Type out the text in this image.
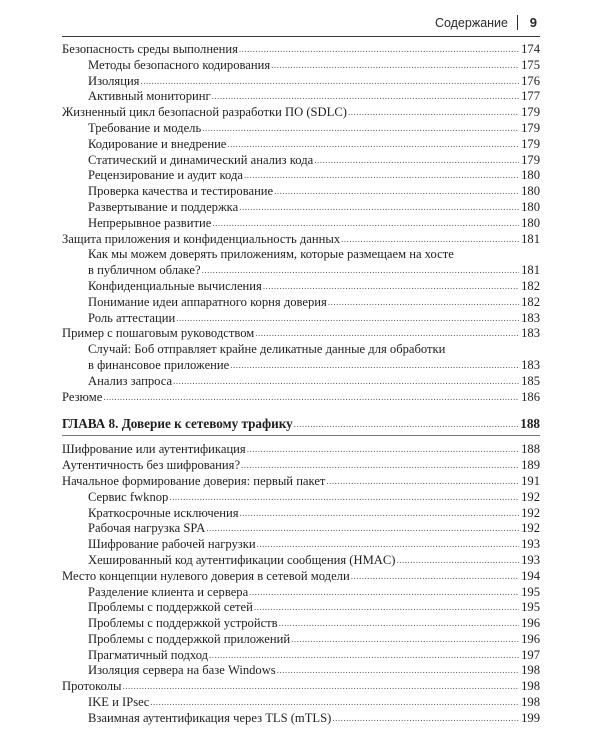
Содержание 9
Безопасность среды выполнения .....	174
Методы безопасного кодирования .....	175
Изоляция .....	176
Активный мониторинг .....	177
Жизненный цикл безопасной разработки ПО (SDLC) .....	179
Требование и модель .....	179
Кодирование и внедрение .....	179
Статический и динамический анализ кода .....	179
Рецензирование и аудит кода .....	180
Проверка качества и тестирование .....	180
Развертывание и поддержка .....	180
Непрерывное развитие .....	180
Защита приложения и конфиденциальность данных .....	181
Как мы можем доверять приложениям, которые размещаем на хосте
в публичном облаке? .....	181
Конфиденциальные вычисления .....	182
Понимание идеи аппаратного корня доверия .....	182
Роль аттестации .....	183
Пример с пошаговым руководством .....	183
Случай: Боб отправляет крайне деликатные данные для обработки
в финансовое приложение .....	183
Анализ запроса .....	185
Резюме .....	186
ГЛАВА 8. Доверие к сетевому трафику .....	188
Шифрование или аутентификация .....	188
Аутентичность без шифрования? .....	189
Начальное формирование доверия: первый пакет .....	191
Сервис fwknop .....	192
Краткосрочные исключения .....	192
Рабочая нагрузка SPA .....	192
Шифрование рабочей нагрузки .....	193
Хешированный код аутентификации сообщения (HMAC) .....	193
Место концепции нулевого доверия в сетевой модели .....	194
Разделение клиента и сервера .....	195
Проблемы с поддержкой сетей .....	195
Проблемы с поддержкой устройств .....	196
Проблемы с поддержкой приложений .....	196
Прагматичный подход .....	197
Изоляция сервера на базе Windows .....	198
Протоколы .....	198
IKE и IPsec .....	198
Взаимная аутентификация через TLS (mTLS) .....	199
